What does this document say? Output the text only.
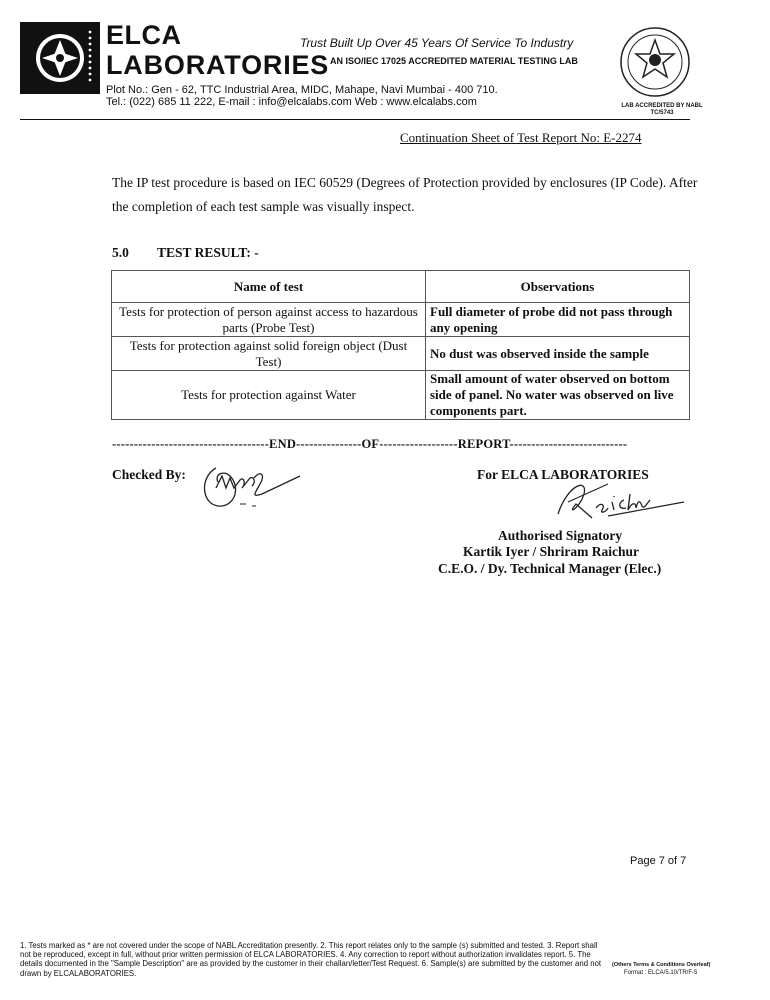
ELCA
LABORATORIES
Trust Built Up Over 45 Years Of Service To Industry
AN ISO/IEC 17025 ACCREDITED MATERIAL TESTING LAB
Plot No.: Gen - 62, TTC Industrial Area, MIDC, Mahape, Navi Mumbai - 400 710.
Tel.: (022) 685 11 222, E-mail : info@elcalabs.com Web : www.elcalabs.com	LAB ACCREDITED BY NABL
TC/5743
Continuation Sheet of Test Report No: E-2274
The IP test procedure is based on IEC 60529 (Degrees of Protection provided by enclosures (IP Code). After the completion of each test sample was visually inspect.
5.0 TEST RESULT: -
Name of test	Observations
Tests for protection of person against access to hazardous parts (Probe Test)	Full diameter of probe did not pass through any opening
Tests for protection against solid foreign object (Dust Test)	No dust was observed inside the sample
Tests for protection against Water	Small amount of water observed on bottom side of panel. No water was observed on live components part.
------------------------------------END---------------OF------------------REPORT---------------------------
Checked By:	For ELCA LABORATORIES
Authorised Signatory
Kartik Iyer / Shriram Raichur
C.E.O. / Dy. Technical Manager (Elec.)
Page 7 of 7
1. Tests marked as * are not covered under the scope of NABL Accreditation presently. 2. This report relates only to the sample (s) submitted and tested. 3. Report shall not be reproduced, except in full, without prior written permission of ELCA LABORATORIES. 4. Any correction to report without authorization invalidates report. 5. The details documented in the "Sample Description" are as provided by the customer in their challan/letter/Test Request. 6. Sample(s) are submitted by the customer and not drawn by ELCALABORATORIES.
(Others Terms & Conditions Overleaf)
Format : ELCA/5.10/TR/F-5
